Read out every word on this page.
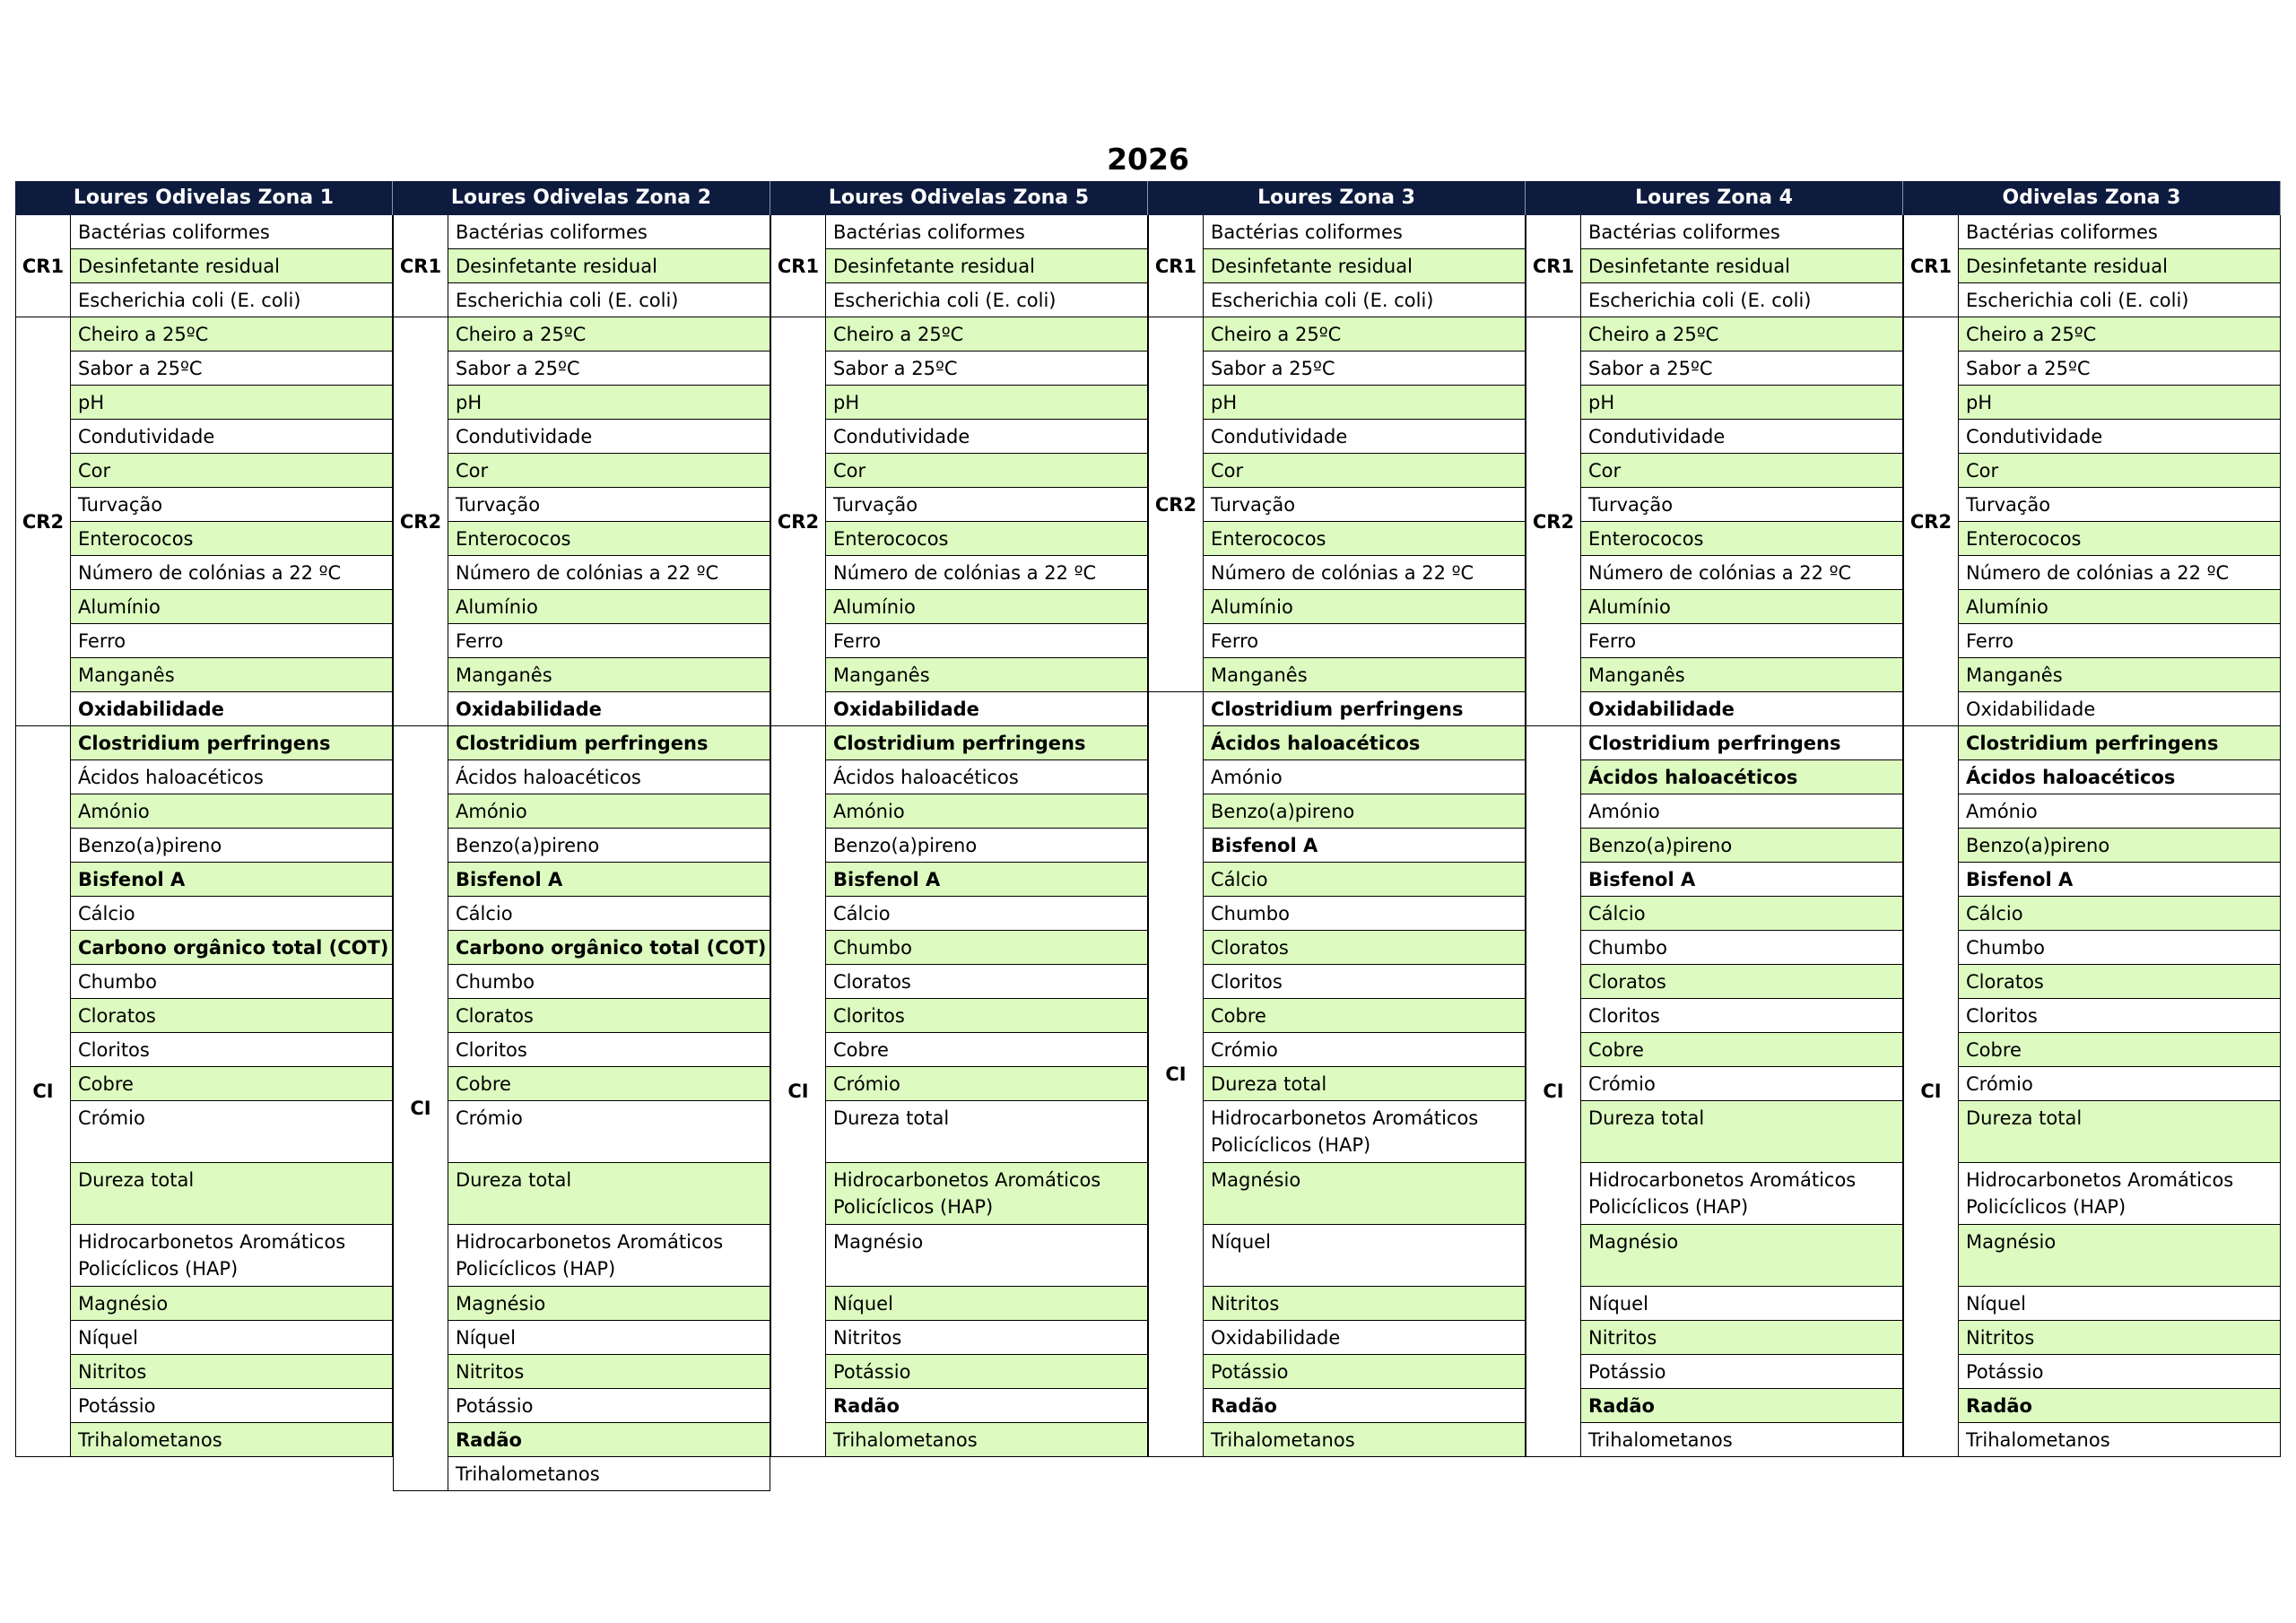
2026
Loures Odivelas Zona 1
CR1
Bactérias coliformes
Desinfetante residual
Escherichia coli (E. coli)
CR2
Cheiro a 25ºC
Sabor a 25ºC
pH
Condutividade
Cor
Turvação
Enterococos
Número de colónias a 22 ºC
Alumínio
Ferro
Manganês
Oxidabilidade
CI
Clostridium perfringens
Ácidos haloacéticos
Amónio
Benzo(a)pireno
Bisfenol A
Cálcio
Carbono orgânico total (COT)
Chumbo
Cloratos
Cloritos
Cobre
Crómio
Dureza total
Hidrocarbonetos Aromáticos Policíclicos (HAP)
Magnésio
Níquel
Nitritos
Potássio
Trihalometanos
Loures Odivelas Zona 2
CR1
Bactérias coliformes
Desinfetante residual
Escherichia coli (E. coli)
CR2
Cheiro a 25ºC
Sabor a 25ºC
pH
Condutividade
Cor
Turvação
Enterococos
Número de colónias a 22 ºC
Alumínio
Ferro
Manganês
Oxidabilidade
CI
Clostridium perfringens
Ácidos haloacéticos
Amónio
Benzo(a)pireno
Bisfenol A
Cálcio
Carbono orgânico total (COT)
Chumbo
Cloratos
Cloritos
Cobre
Crómio
Dureza total
Hidrocarbonetos Aromáticos Policíclicos (HAP)
Magnésio
Níquel
Nitritos
Potássio
Radão
Trihalometanos
Loures Odivelas Zona 5
CR1
Bactérias coliformes
Desinfetante residual
Escherichia coli (E. coli)
CR2
Cheiro a 25ºC
Sabor a 25ºC
pH
Condutividade
Cor
Turvação
Enterococos
Número de colónias a 22 ºC
Alumínio
Ferro
Manganês
Oxidabilidade
CI
Clostridium perfringens
Ácidos haloacéticos
Amónio
Benzo(a)pireno
Bisfenol A
Cálcio
Chumbo
Cloratos
Cloritos
Cobre
Crómio
Dureza total
Hidrocarbonetos Aromáticos Policíclicos (HAP)
Magnésio
Níquel
Nitritos
Potássio
Radão
Trihalometanos
Loures Zona 3
CR1
Bactérias coliformes
Desinfetante residual
Escherichia coli (E. coli)
CR2
Cheiro a 25ºC
Sabor a 25ºC
pH
Condutividade
Cor
Turvação
Enterococos
Número de colónias a 22 ºC
Alumínio
Ferro
Manganês
CI
Clostridium perfringens
Ácidos haloacéticos
Amónio
Benzo(a)pireno
Bisfenol A
Cálcio
Chumbo
Cloratos
Cloritos
Cobre
Crómio
Dureza total
Hidrocarbonetos Aromáticos Policíclicos (HAP)
Magnésio
Níquel
Nitritos
Oxidabilidade
Potássio
Radão
Trihalometanos
Loures Zona 4
CR1
Bactérias coliformes
Desinfetante residual
Escherichia coli (E. coli)
CR2
Cheiro a 25ºC
Sabor a 25ºC
pH
Condutividade
Cor
Turvação
Enterococos
Número de colónias a 22 ºC
Alumínio
Ferro
Manganês
Oxidabilidade
CI
Clostridium perfringens
Ácidos haloacéticos
Amónio
Benzo(a)pireno
Bisfenol A
Cálcio
Chumbo
Cloratos
Cloritos
Cobre
Crómio
Dureza total
Hidrocarbonetos Aromáticos Policíclicos (HAP)
Magnésio
Níquel
Nitritos
Potássio
Radão
Trihalometanos
Odivelas Zona 3
CR1
Bactérias coliformes
Desinfetante residual
Escherichia coli (E. coli)
CR2
Cheiro a 25ºC
Sabor a 25ºC
pH
Condutividade
Cor
Turvação
Enterococos
Número de colónias a 22 ºC
Alumínio
Ferro
Manganês
Oxidabilidade
CI
Clostridium perfringens
Ácidos haloacéticos
Amónio
Benzo(a)pireno
Bisfenol A
Cálcio
Chumbo
Cloratos
Cloritos
Cobre
Crómio
Dureza total
Hidrocarbonetos Aromáticos Policíclicos (HAP)
Magnésio
Níquel
Nitritos
Potássio
Radão
Trihalometanos
